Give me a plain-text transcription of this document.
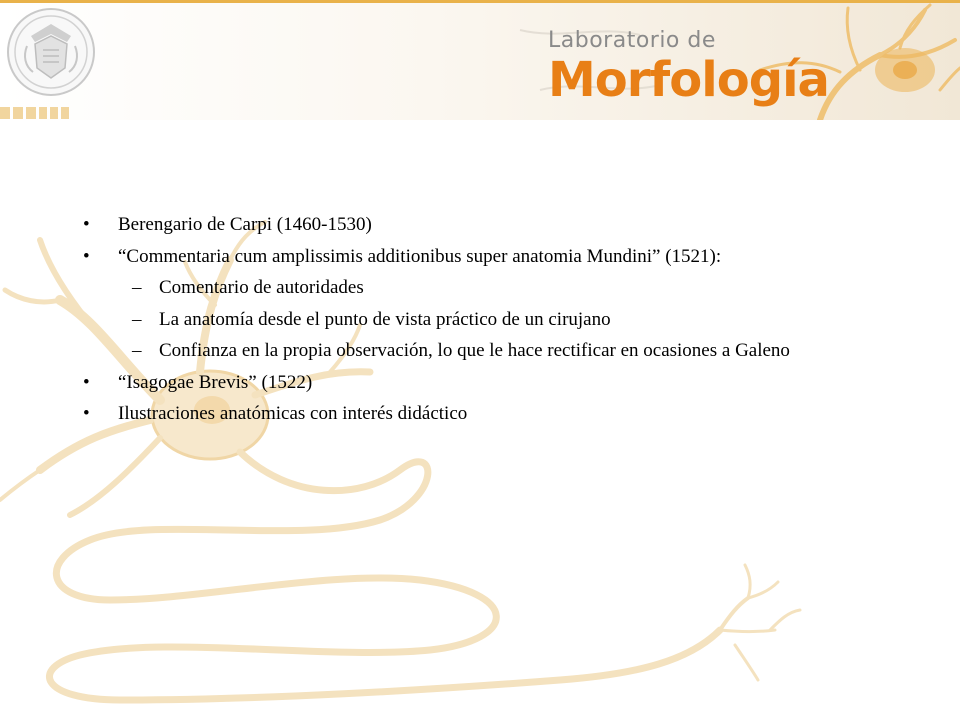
Laboratorio de
Morfología
• Berengario de Carpi (1460-1530)
• “Commentaria cum amplissimis additionibus super anatomia Mundini” (1521):
– Comentario de autoridades
– La anatomía desde el punto de vista práctico de un cirujano
– Confianza en la propia observación, lo que le hace rectificar en ocasiones a Galeno
• “Isagogae Brevis” (1522)
• Ilustraciones anatómicas con interés didáctico
